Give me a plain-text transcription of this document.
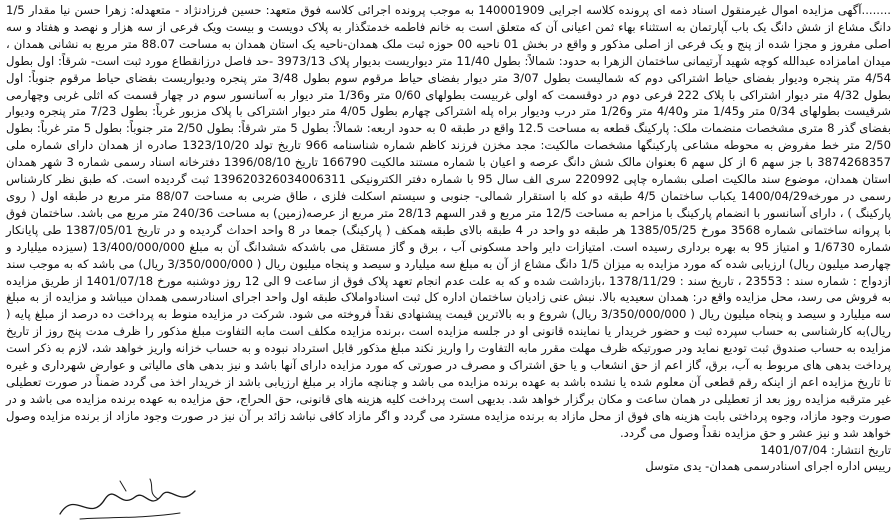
........آگهی مزایده اموال غیرمنقول اسناد ذمه ای پرونده کلاسه اجرایی 140001909 به موجب پرونده اجرائی کلاسه فوق متعهد: حسین فرزادنژاد - متعهدله: زهرا حسن نیا مقدار 1/5 دانگ مشاع از شش دانگ یک باب آپارتمان به استثناء بهاء ثمن اعیانی آن که متعلق است به خانم فاطمه خدمتگذار به پلاک دویست و بیست ویک فرعی از سه هزار و نهصد و هفتاد و سه اصلی مفروز و مجزا شده از پنج و یک فرعی از اصلی مذکور و واقع در بخش 01 ناحیه 00 حوزه ثبت ملک همدان-ناحیه یک استان همدان به مساحت 88.07 متر مربع به نشانی همدان ، میدان امامزاده عبدالله کوچه شهید آرتیمانی ساختمان الزهرا به حدود: شمالاً: بطول 11/40 متر دیواریست بدیوار پلاک 3973/13 -حد فاصل درزانقطاع مورد ثبت است- شرقاً: اول بطول 4/54 متر پنجره ودیوار بفضای حیاط اشتراکی دوم که شمالیست بطول 3/07 متر دیوار بفضای حیاط مرقوم سوم بطول 3/48 متر پنجره ودیواریست بفضای حیاط مرقوم جنوباً: اول بطول 4/32 متر دیوار اشتراکی با پلاک 222 فرعی دوم در دوقسمت که اولی غربیست بطولهای 0/60 متر و1/36 متر دیوار به آسانسور سوم در چهار قسمت که اثلی غربی وچهارمی شرقیست بطولهای 0/34 متر و1/45 متر و4/40 متر و1/26 متر درب ودیوار براه پله اشتراکی چهارم بطول 4/05 متر دیوار اشتراکی با پلاک مزبور غرباً: بطول 7/23 متر پنجره ودیوار بفضای گذر 8 متری مشخصات منضمات ملک: پارکینگ قطعه به مساحت 12.5 واقع در طبقه 0 به حدود اربعه: شمالاً: بطول 5 متر شرقاً: بطول 2/50 متر جنوباً: بطول 5 متر غرباً: بطول 2/50 متر خط مفروض به محوطه مشاعی پارکینگها مشخصات مالکیت: مجد مخزن فرزند کاظم شماره شناسنامه 966 تاریخ تولد 1323/10/20 صادره از همدان دارای شماره ملی 3874268357 با جز سهم 6 از کل سهم 6 بعنوان مالک شش دانگ عرصه و اعیان با شماره مستند مالکیت 166790 تاریخ 1396/08/10 دفترخانه اسناد رسمی شماره 3 شهر همدان استان همدان، موضوع سند مالکیت اصلی بشماره چاپی 220992 سری الف سال 95 با شماره دفتر الکترونیکی 139620326034006311 ثبت گردیده است. که طبق نظر کارشناس رسمی در مورخه1400/04/29 یکباب ساختمان 4/5 طبقه دو کله با استقرار شمالی- جنوبی و سیستم اسکلت فلزی ، طاق ضربی به مساحت 88/07 متر مربع در طبقه اول ( روی پارکینگ ) ، دارای آسانسور با انضمام پارکینگ با مزاحم به مساحت 12/5 متر مربع و قدر السهم 28/13 متر مربع از عرصه(زمین) به مساحت 240/36 متر مربع می باشد. ساختمان فوق با پروانه ساختمانی شماره 3568 مورخ 1385/05/25 هر طبقه دو واحد در 4 طبقه بالای طبقه همکف ( پارکینگ) جمعا در 8 واحد احداث گردیده و در تاریخ 1387/05/01 طی پایانکار شماره 1/6730 و امتیاز 95 به بهره برداری رسیده است. امتیازات دایر واحد مسکونی آب ، برق و گاز مستقل می باشدکه ششدانگ آن به مبلغ 13/400/000/000 (سیزده میلیارد و چهارصد میلیون ریال) ارزیابی شده که مورد مزایده به میزان 1/5 دانگ مشاع از آن به مبلغ سه میلیارد و سیصد و پنجاه میلیون ریال ( 3/350/000/000 ریال) می باشد که به موجب سند ازدواج : شماره سند : 23553 ، تاریخ سند : 1378/11/29 ،بازداشت شده و که به علت عدم انجام تعهد پلاک فوق از ساعت 9 الی 12 روز دوشنبه مورخ 1401/07/18 از طریق مزایده به فروش می رسد، محل مزایده واقع در: همدان سعیدیه بالا. نبش عنی زادیان ساختمان اداره کل ثبت اسنادواملاک طبقه اول واحد اجرای اسنادرسمی همدان میباشد و مزایده از به مبلغ سه میلیارد و سیصد و پنجاه میلیون ریال ( 3/350/000/000 ریال) شروع و به بالاترین قیمت پیشنهادی نقداً فروخته می شود. شرکت در مزایده منوط به پرداخت ده درصد از مبلغ پایه ( ریال)به کارشناسی به حساب سپرده ثبت و حضور خریدار یا نماینده قانونی او در جلسه مزایده است ،برنده مزایده مکلف است مابه التفاوت مبلغ مذکور را ظرف مدت پنج روز از تاریخ مزایده به حساب صندوق ثبت تودیع نماید ودر صورتیکه ظرف مهلت مقرر مابه التفاوت را واریز نکند مبلغ مذکور قابل استرداد نبوده و به حساب خزانه واریز خواهد شد، لازم به ذکر است پرداخت بدهی های مربوط به آب، برق، گاز اعم از حق انشعاب و یا حق اشتراک و مصرف در صورتی که مورد مزایده دارای آنها باشد و نیز بدهی های مالیاتی و عوارض شهرداری و غیره تا تاریخ مزایده اعم از اینکه رقم قطعی آن معلوم شده یا نشده باشد به عهده برنده مزایده می باشد و چنانچه مازاد بر مبلغ ارزیابی باشد از خریدار اخذ می گردد ضمناً در صورت تعطیلی غیر مترقبه مزایده روز بعد از تعطیلی در همان ساعت و مکان برگزار خواهد شد. بدیهی است پرداخت کلیه هزینه های قانونی، حق الحراج، حق مزایده به عهده برنده مزایده می باشد و در صورت وجود مازاد، وجوه پرداختی بابت هزینه های فوق از محل مازاد به برنده مزایده مسترد می گردد و اگر مازاد کافی نباشد زائد بر آن نیز در صورت وجود مازاد از برنده مزایده وصول خواهد شد و نیز عشر و حق مزایده نقداً وصول می گردد.

تاریخ انتشار: 1401/07/04

رییس اداره اجرای اسنادرسمی همدان- یدی متوسل
